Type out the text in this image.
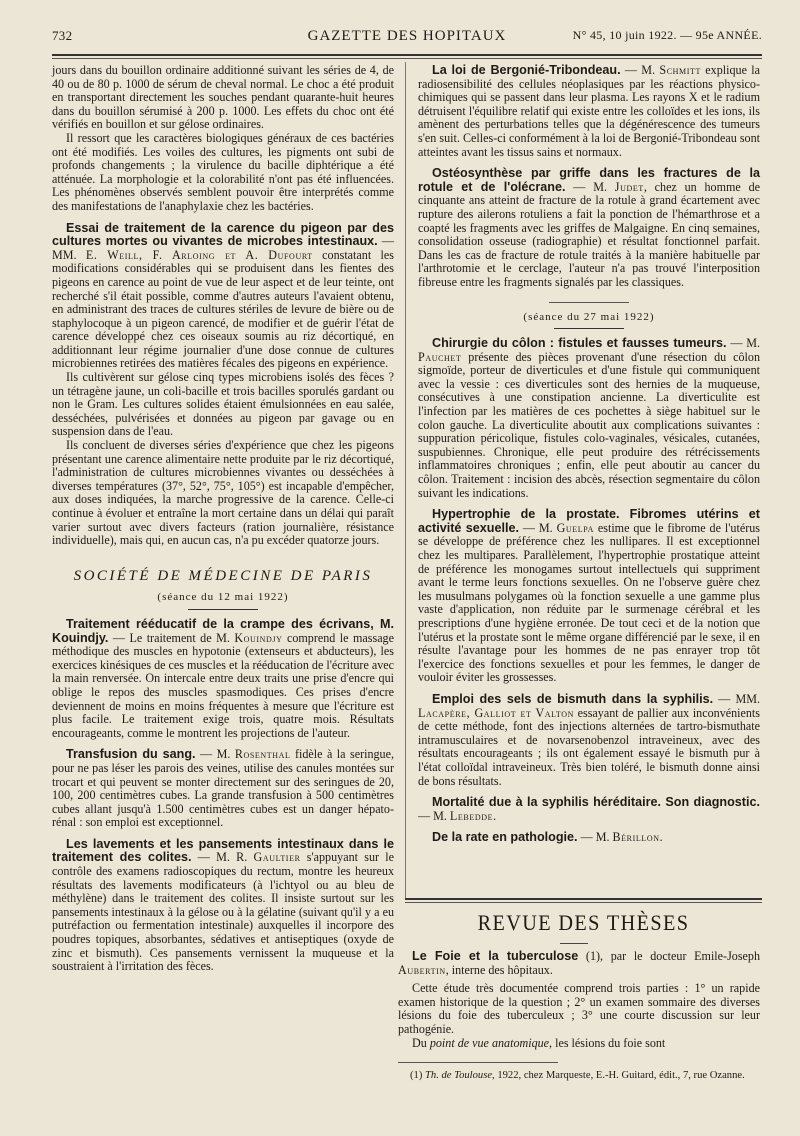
732	GAZETTE DES HOPITAUX	N° 45, 10 juin 1922. — 95e ANNÉE.

jours dans du bouillon ordinaire additionné suivant les séries de 4, de 40 ou de 80 p. 1000 de sérum de cheval normal. Le choc a été produit en transportant directement les souches pendant quarante-huit heures dans du bouillon sérumisé à 200 p. 1000. Les effets du choc ont été vérifiés en bouillon et sur gélose ordinaires.

Il ressort que les caractères biologiques généraux de ces bactéries ont été modifiés. Les voiles des cultures, les pigments ont subi de profonds changements ; la virulence du bacille diphtérique a été atténuée. La morphologie et la colorabilité n'ont pas été influencées. Les phénomènes observés semblent pouvoir être interprétés comme des manifestations de l'anaphylaxie chez les bactéries.

Essai de traitement de la carence du pigeon par des cultures mortes ou vivantes de microbes intestinaux. — MM. E. Weill, F. Arloing et A. Dufourt constatant les modifications considérables qui se produisent dans les fientes des pigeons en carence au point de vue de leur aspect et de leur teinte, ont recherché s'il était possible, comme d'autres auteurs l'avaient obtenu, en administrant des traces de cultures stériles de levure de bière ou de staphylocoque à un pigeon carencé, de modifier et de guérir l'état de carence développé chez ces oiseaux soumis au riz décortiqué, en additionnant leur régime journalier d'une dose connue de cultures microbiennes retirées des matières fécales des pigeons en expérience.

Ils cultivèrent sur gélose cinq types microbiens isolés des fèces ? un tétragène jaune, un coli-bacille et trois bacilles sporulés gardant ou non le Gram. Les cultures solides étaient émulsionnées en eau salée, desséchées, pulvérisées et données au pigeon par gavage ou en suspension dans de l'eau.

Ils concluent de diverses séries d'expérience que chez les pigeons présentant une carence alimentaire nette produite par le riz décortiqué, l'administration de cultures microbiennes vivantes ou desséchées à diverses températures (37°, 52°, 75°, 105°) est incapable d'empêcher, aux doses indiquées, la marche progressive de la carence. Celle-ci continue à évoluer et entraîne la mort certaine dans un délai qui paraît varier surtout avec divers facteurs (ration journalière, résistance individuelle), mais qui, en aucun cas, n'a pu excéder quatorze jours.

SOCIÉTÉ DE MÉDECINE DE PARIS
(séance du 12 mai 1922)

Traitement rééducatif de la crampe des écrivans, M. Kouindjy. — Le traitement de M. Kouindjy comprend le massage méthodique des muscles en hypotonie (extenseurs et abducteurs), les exercices kinésiques de ces muscles et la rééducation de l'écriture avec la main renversée. On intercale entre deux traits une prise d'encre qui oblige le repos des muscles spasmodiques. Ces prises d'encre deviennent de moins en moins fréquentes à mesure que l'écriture est plus facile. Le traitement exige trois, quatre mois. Résultats encourageants, comme le montrent les projections de l'auteur.

Transfusion du sang. — M. Rosenthal fidèle à la seringue, pour ne pas léser les parois des veines, utilise des canules montées sur trocart et qui peuvent se monter directement sur des seringues de 20, 100, 200 centimètres cubes. La grande transfusion à 500 centimètres cubes allant jusqu'à 1.500 centimètres cubes est un danger hépato-rénal : son emploi est exceptionnel.

Les lavements et les pansements intestinaux dans le traitement des colites. — M. R. Gaultier s'appuyant sur le contrôle des examens radioscopiques du rectum, montre les heureux résultats des lavements modificateurs (à l'ichtyol ou au bleu de méthylène) dans le traitement des colites. Il insiste surtout sur les pansements intestinaux à la gélose ou à la gélatine (suivant qu'il y a eu putréfaction ou fermentation intestinale) auxquelles il incorpore des poudres topiques, absorbantes, sédatives et antiseptiques (oxyde de zinc et bismuth). Ces pansements vernissent la muqueuse et la soustraient à l'irritation des fèces.

La loi de Bergonié-Tribondeau. — M. Schmitt explique la radiosensibilité des cellules néoplasiques par les réactions physico-chimiques qui se passent dans leur plasma. Les rayons X et le radium détruisent l'équilibre relatif qui existe entre les colloïdes et les ions, ils amènent des perturbations telles que la dégénérescence des tumeurs s'en suit. Celles-ci conformément à la loi de Bergonié-Tribondeau sont atteintes avant les tissus sains et normaux.

Ostéosynthèse par griffe dans les fractures de la rotule et de l'olécrane. — M. Judet, chez un homme de cinquante ans atteint de fracture de la rotule à grand écartement avec rupture des ailerons rotuliens a fait la ponction de l'hémarthrose et a coapté les fragments avec les griffes de Malgaigne. En cinq semaines, consolidation osseuse (radiographie) et résultat fonctionnel parfait. Dans les cas de fracture de rotule traités à la manière habituelle par l'arthrotomie et le cerclage, l'auteur n'a pas trouvé l'interposition fibreuse entre les fragments signalés par les classiques.

(séance du 27 mai 1922)

Chirurgie du côlon : fistules et fausses tumeurs. — M. Pauchet présente des pièces provenant d'une résection du côlon sigmoïde, porteur de diverticules et d'une fistule qui communiquent avec la vessie : ces diverticules sont des hernies de la muqueuse, consécutives à une constipation ancienne. La diverticulite est l'infection par les matières de ces pochettes à siège habituel sur le colon gauche. La diverticulite aboutit aux complications suivantes : suppuration péricolique, fistules colo-vaginales, vésicales, cutanées, suspubiennes. Chronique, elle peut produire des rétrécissements inflammatoires chroniques ; enfin, elle peut aboutir au cancer du côlon. Traitement : incision des abcès, résection segmentaire du côlon suivant les indications.

Hypertrophie de la prostate. Fibromes utérins et activité sexuelle. — M. Guelpa estime que le fibrome de l'utérus se développe de préférence chez les nullipares. Il est exceptionnel chez les multipares. Parallèlement, l'hypertrophie prostatique atteint de préférence les monogames surtout intellectuels qui suppriment avant le terme leurs fonctions sexuelles. On ne l'observe guère chez les musulmans polygames où la fonction sexuelle a une gamme plus vaste d'application, non réduite par le surmenage cérébral et les prescriptions d'une hygiène erronée. De tout ceci et de la notion que l'utérus et la prostate sont le même organe différencié par le sexe, il en résulte l'avantage pour les hommes de ne pas enrayer trop tôt l'exercice des fonctions sexuelles et pour les femmes, le danger de vouloir éviter les grossesses.

Emploi des sels de bismuth dans la syphilis. — MM. Lacapère, Galliot et Valton essayant de pallier aux inconvénients de cette méthode, font des injections alternées de tartro-bismuthate intramusculaires et de novarsenobenzol intraveineux, avec des résultats encourageants ; ils ont également essayé le bismuth pur à l'état colloïdal intraveineux. Très bien toléré, le bismuth donne ainsi de bons résultats.

Mortalité due à la syphilis héréditaire. Son diagnostic. — M. Lebedde.

De la rate en pathologie. — M. Bérillon.

REVUE DES THÈSES

Le Foie et la tuberculose (1), par le docteur Emile-Joseph Aubertin, interne des hôpitaux.

Cette étude très documentée comprend trois parties : 1° un rapide examen historique de la question ; 2° un examen sommaire des diverses lésions du foie des tuberculeux ; 3° une courte discussion sur leur pathogénie.

Du point de vue anatomique, les lésions du foie sont

(1) Th. de Toulouse, 1922, chez Marqueste, E.-H. Guitard, édit., 7, rue Ozanne.
